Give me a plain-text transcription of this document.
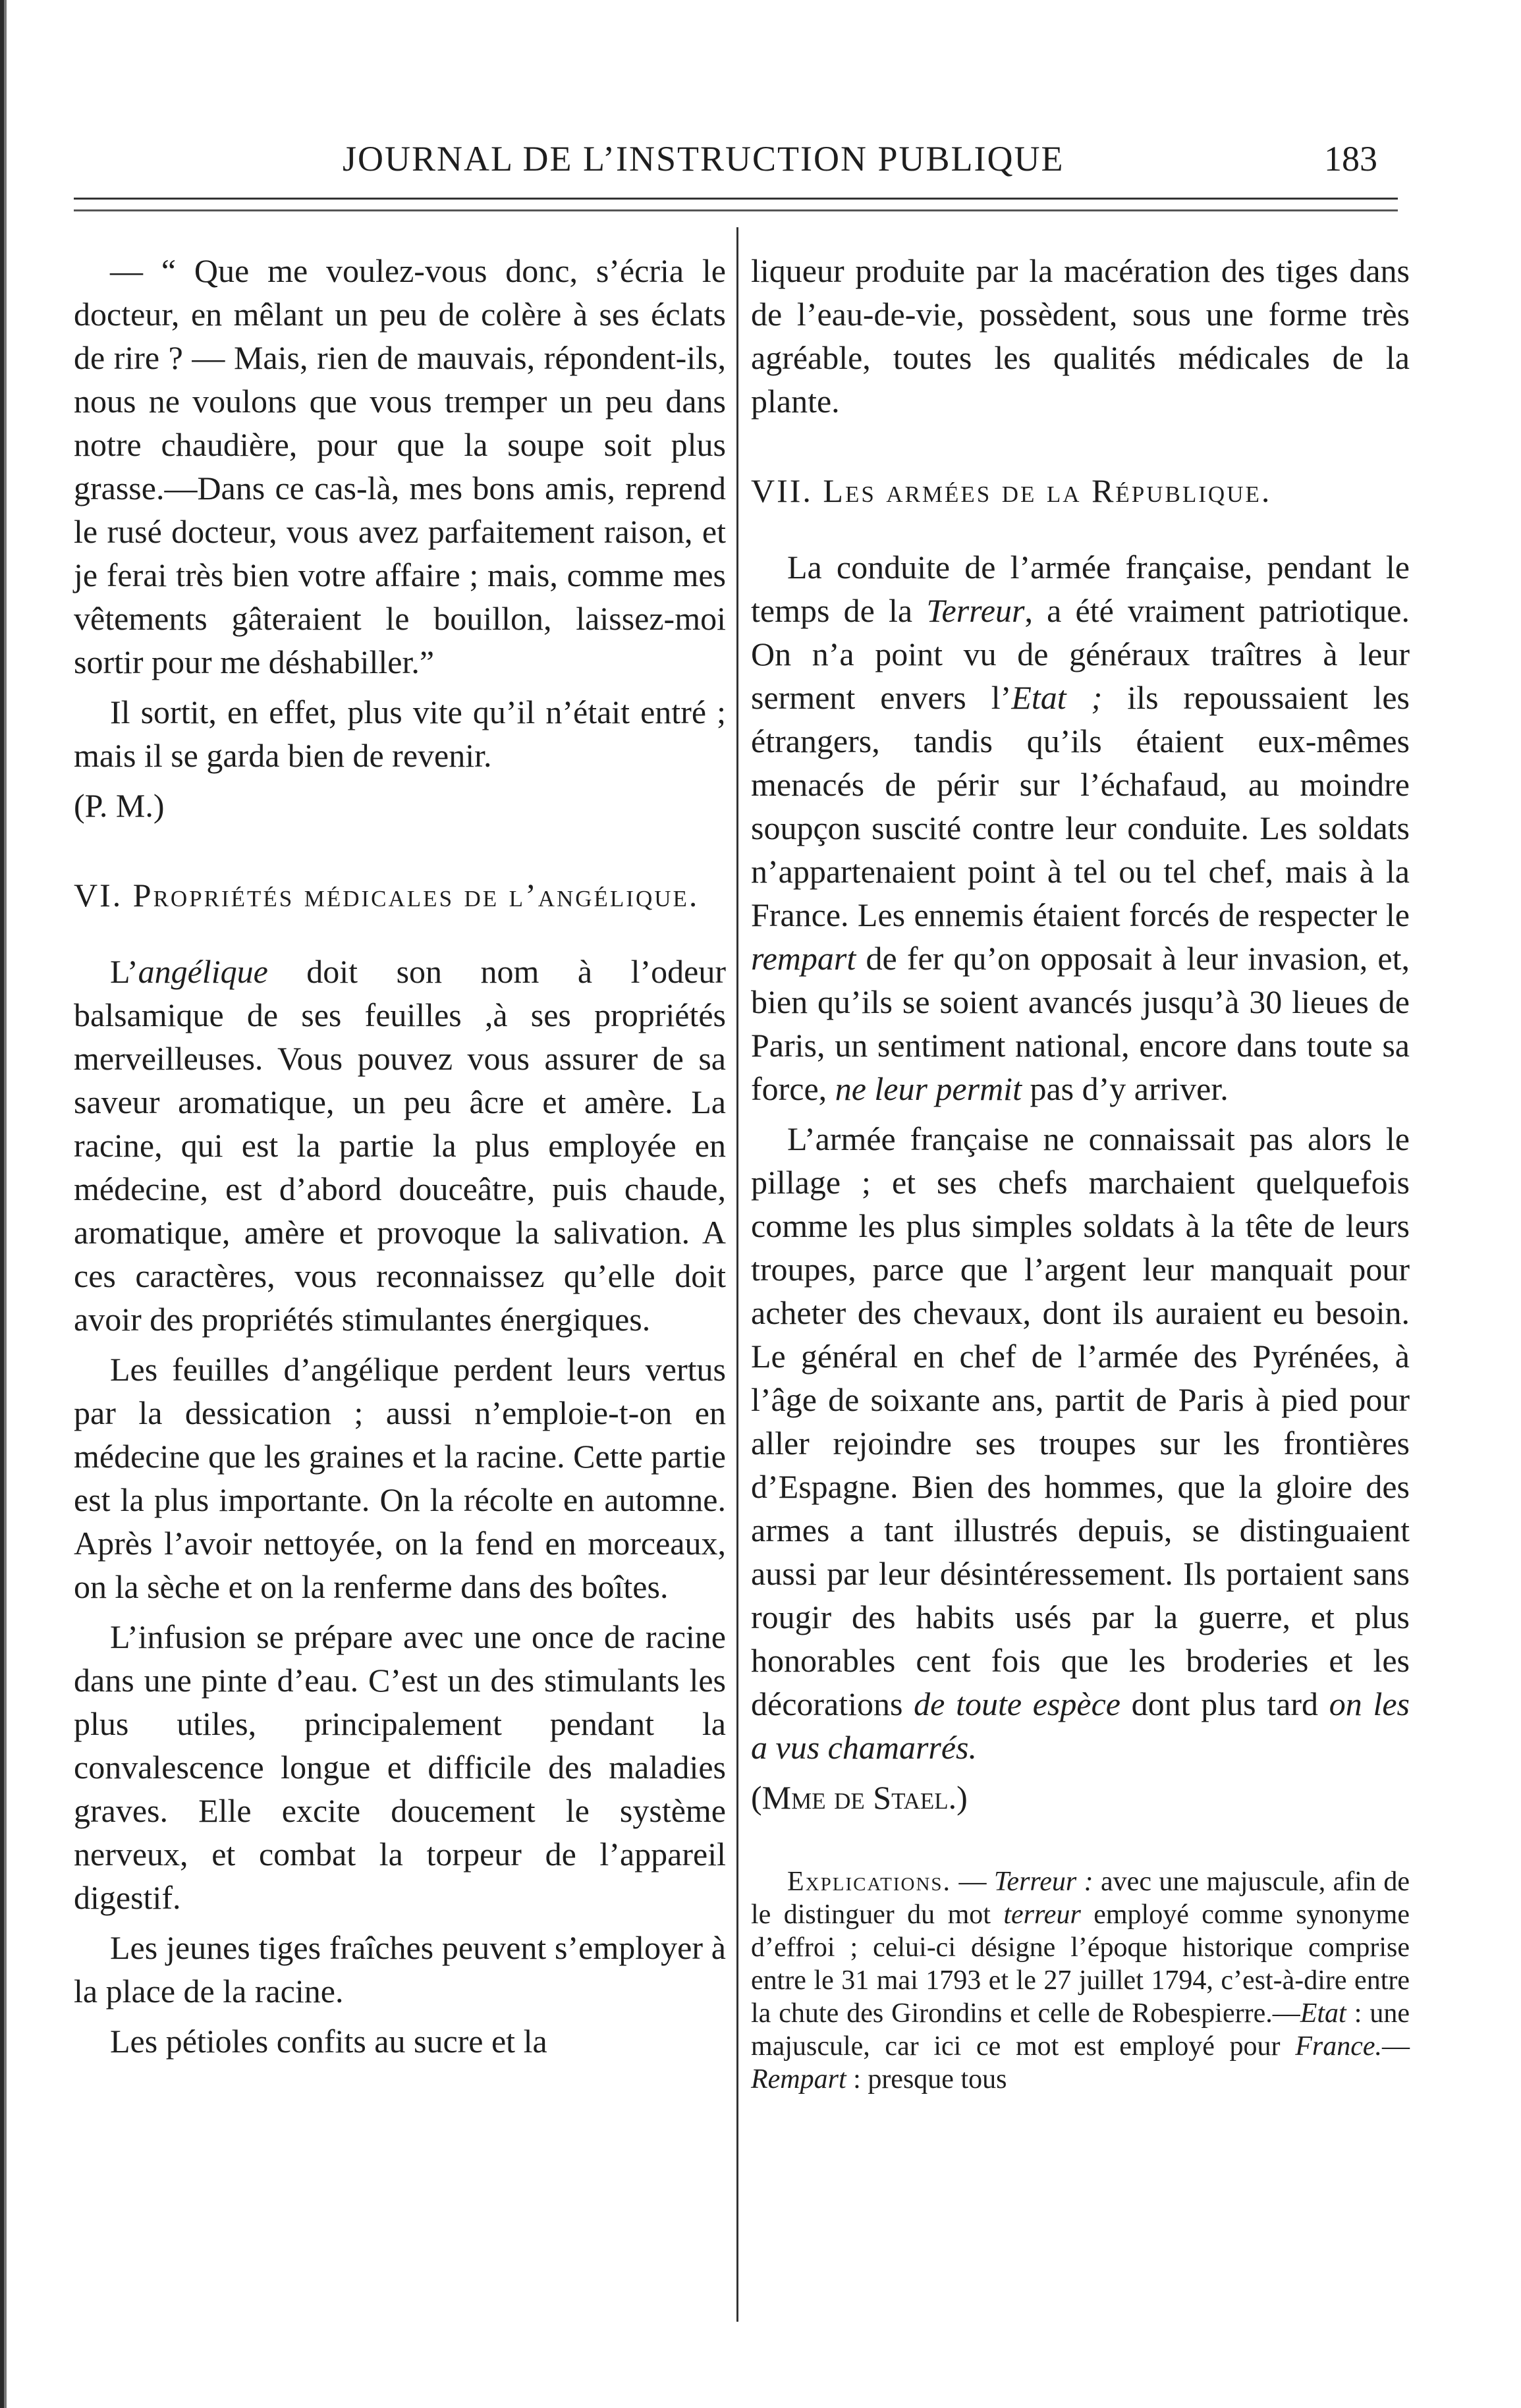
JOURNAL DE L’INSTRUCTION PUBLIQUE	183

— “ Que me voulez-vous donc, s’écria le docteur, en mêlant un peu de colère à ses éclats de rire ? — Mais, rien de mauvais, répondent-ils, nous ne voulons que vous tremper un peu dans notre chaudière, pour que la soupe soit plus grasse.—Dans ce cas-là, mes bons amis, reprend le rusé docteur, vous avez parfaitement raison, et je ferai très bien votre affaire ; mais, comme mes vêtements gâteraient le bouillon, laissez-moi sortir pour me déshabiller.”

Il sortit, en effet, plus vite qu’il n’était entré ; mais il se garda bien de revenir.

(P. M.)

VI. Propriétés médicales de l’angélique.

L’angélique doit son nom à l’odeur balsamique de ses feuilles ,à ses propriétés merveilleuses. Vous pouvez vous assurer de sa saveur aromatique, un peu âcre et amère. La racine, qui est la partie la plus employée en médecine, est d’abord douceâtre, puis chaude, aromatique, amère et provoque la salivation. A ces caractères, vous reconnaissez qu’elle doit avoir des propriétés stimulantes énergiques.

Les feuilles d’angélique perdent leurs vertus par la dessication ; aussi n’emploie-t-on en médecine que les graines et la racine. Cette partie est la plus importante. On la récolte en automne. Après l’avoir nettoyée, on la fend en morceaux, on la sèche et on la renferme dans des boîtes.

L’infusion se prépare avec une once de racine dans une pinte d’eau. C’est un des stimulants les plus utiles, principalement pendant la convalescence longue et difficile des maladies graves. Elle excite doucement le système nerveux, et combat la torpeur de l’appareil digestif.

Les jeunes tiges fraîches peuvent s’employer à la place de la racine.

Les pétioles confits au sucre et la

liqueur produite par la macération des tiges dans de l’eau-de-vie, possèdent, sous une forme très agréable, toutes les qualités médicales de la plante.

VII. Les armées de la République.

La conduite de l’armée française, pendant le temps de la Terreur, a été vraiment patriotique. On n’a point vu de généraux traîtres à leur serment envers l’Etat ; ils repoussaient les étrangers, tandis qu’ils étaient eux-mêmes menacés de périr sur l’échafaud, au moindre soupçon suscité contre leur conduite. Les soldats n’appartenaient point à tel ou tel chef, mais à la France. Les ennemis étaient forcés de respecter le rempart de fer qu’on opposait à leur invasion, et, bien qu’ils se soient avancés jusqu’à 30 lieues de Paris, un sentiment national, encore dans toute sa force, ne leur permit pas d’y arriver.

L’armée française ne connaissait pas alors le pillage ; et ses chefs marchaient quelquefois comme les plus simples soldats à la tête de leurs troupes, parce que l’argent leur manquait pour acheter des chevaux, dont ils auraient eu besoin. Le général en chef de l’armée des Pyrénées, à l’âge de soixante ans, partit de Paris à pied pour aller rejoindre ses troupes sur les frontières d’Espagne. Bien des hommes, que la gloire des armes a tant illustrés depuis, se distinguaient aussi par leur désintéressement. Ils portaient sans rougir des habits usés par la guerre, et plus honorables cent fois que les broderies et les décorations de toute espèce dont plus tard on les a vus chamarrés.

(Mme de Stael.)

Explications. — Terreur : avec une majuscule, afin de le distinguer du mot terreur employé comme synonyme d’effroi ; celui-ci désigne l’époque historique comprise entre le 31 mai 1793 et le 27 juillet 1794, c’est-à-dire entre la chute des Girondins et celle de Robespierre.—Etat : une majuscule, car ici ce mot est employé pour France.—Rempart : presque tous
